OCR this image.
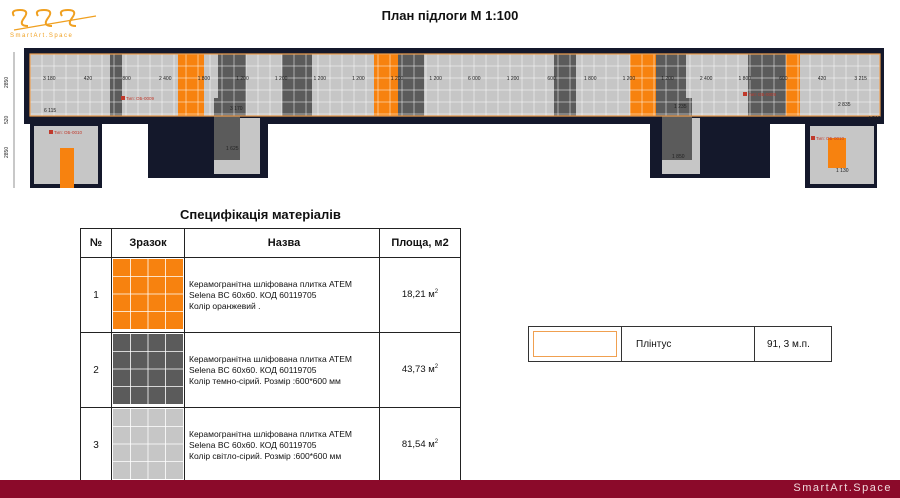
SmartArt.Space
План підлоги М 1:100
3 180	420	800	2 400	1 800	1 200	1 200	1 200	1 200	1 200	1 200	6 000	1 200	600	1 800	1 200	1 200	2 400	1 800	600	420	3 215
2850
520
2850	1 625
1 235
1 850
2 835
1 130
6 115	3 170
4 510
Тип: ОБ-0009
Тип: ОБ-0010
Тип: ОБ-0009
Тип: ОБ-0010
Специфікація матеріалів
№	Зразок	Назва	Площа, м2
1		Керамогранітна шліфована плитка АТЕМ
Selena BC 60x60. КОД 60119705
Колір оранжевий .	18,21 $м^2$
2		Керамогранітна шліфована плитка АТЕМ
Selena BC 60x60. КОД 60119705
Колір темно-сірий. Розмір :600*600 мм	43,73 $м^2$
3		Керамогранітна шліфована плитка АТЕМ
Selena BC 60x60. КОД 60119705
Колір світло-сірий. Розмір :600*600 мм	81,54 $м^2$
Плінтус	91, 3 м.п.
SmartArt.Space
